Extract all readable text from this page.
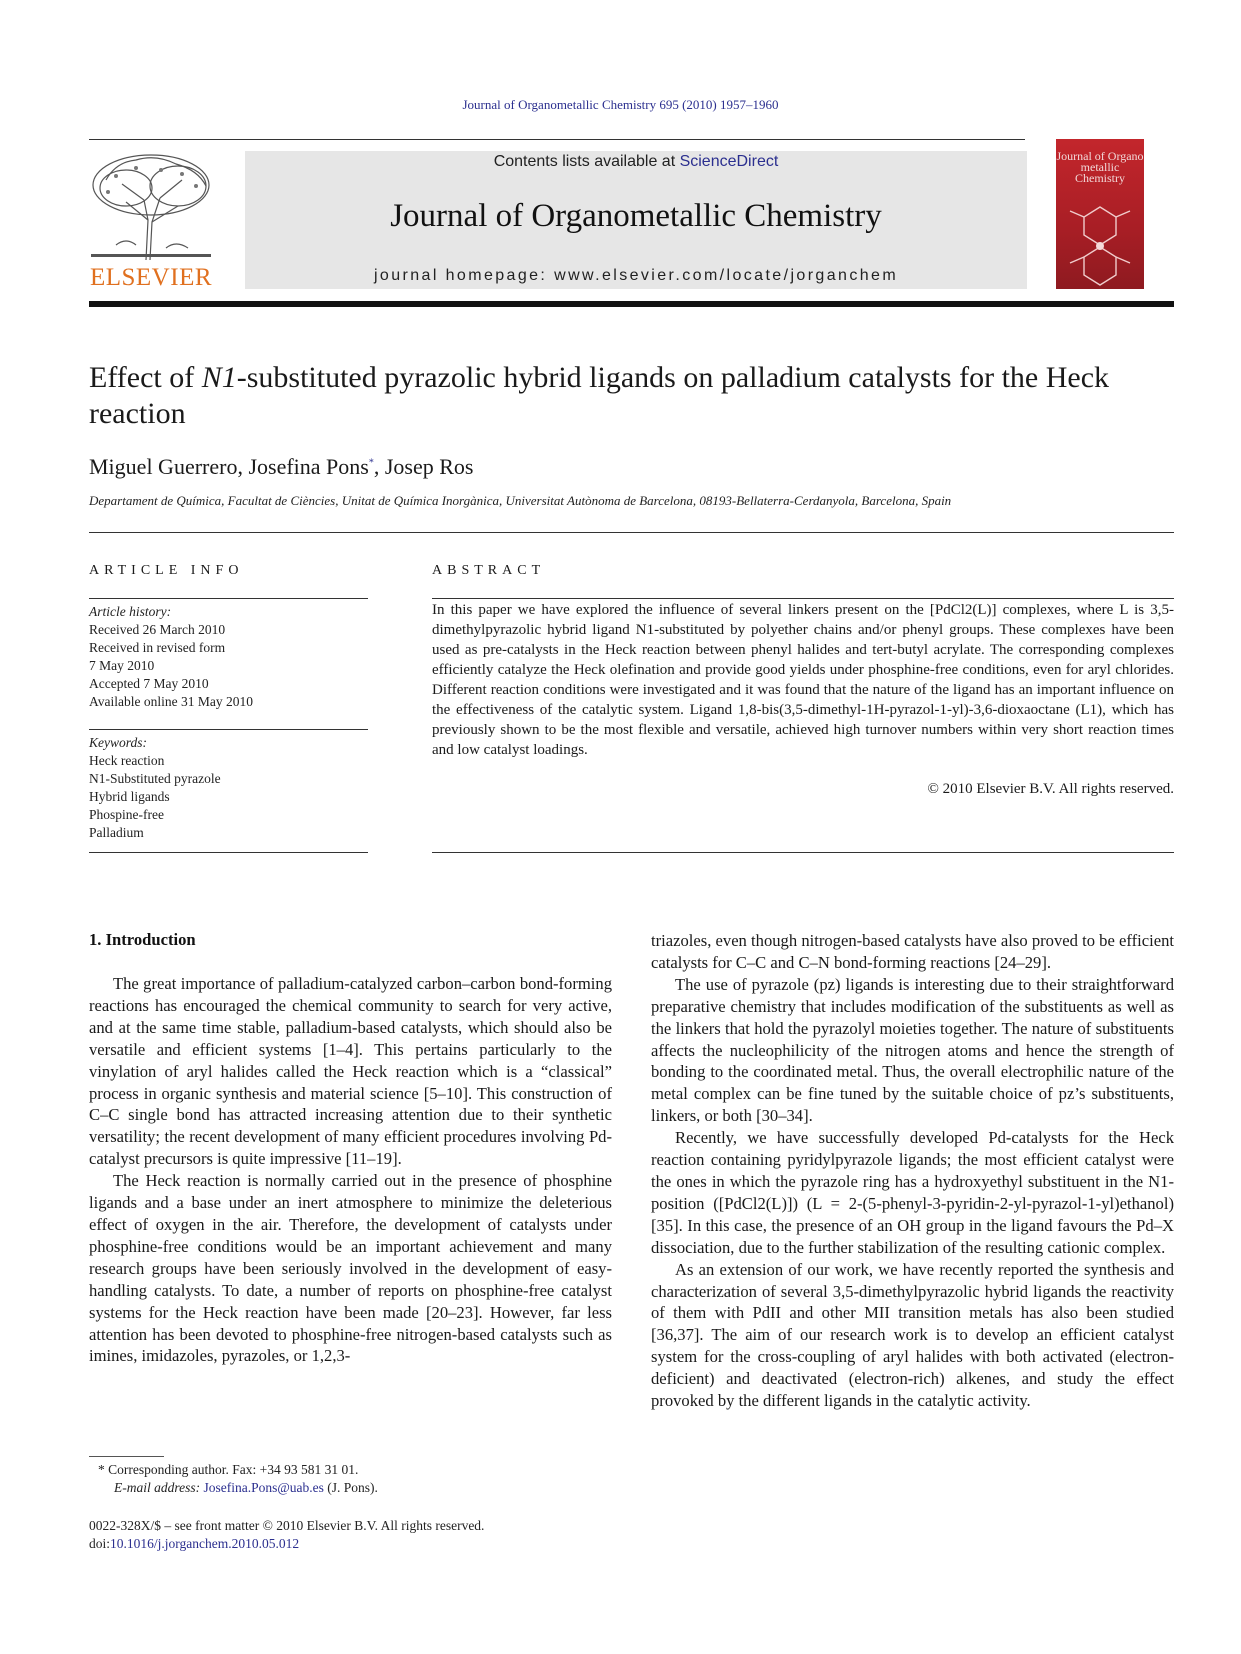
Journal of Organometallic Chemistry 695 (2010) 1957–1960
ELSEVIER
Contents lists available at ScienceDirect
Journal of Organometallic Chemistry
journal homepage: www.elsevier.com/locate/jorganchem
Journal of Organo metallic Chemistry
Effect of N1-substituted pyrazolic hybrid ligands on palladium catalysts for the Heck reaction
Miguel Guerrero, Josefina Pons*, Josep Ros
Departament de Química, Facultat de Ciències, Unitat de Química Inorgànica, Universitat Autònoma de Barcelona, 08193-Bellaterra-Cerdanyola, Barcelona, Spain
ARTICLE INFO
Article history:
Received 26 March 2010
Received in revised form
7 May 2010
Accepted 7 May 2010
Available online 31 May 2010
Keywords:
Heck reaction
N1-Substituted pyrazole
Hybrid ligands
Phospine-free
Palladium
ABSTRACT
In this paper we have explored the influence of several linkers present on the [PdCl2(L)] complexes, where L is 3,5-dimethylpyrazolic hybrid ligand N1-substituted by polyether chains and/or phenyl groups. These complexes have been used as pre-catalysts in the Heck reaction between phenyl halides and tert-butyl acrylate. The corresponding complexes efficiently catalyze the Heck olefination and provide good yields under phosphine-free conditions, even for aryl chlorides. Different reaction conditions were investigated and it was found that the nature of the ligand has an important influence on the effectiveness of the catalytic system. Ligand 1,8-bis(3,5-dimethyl-1H-pyrazol-1-yl)-3,6-dioxaoctane (L1), which has previously shown to be the most flexible and versatile, achieved high turnover numbers within very short reaction times and low catalyst loadings.
© 2010 Elsevier B.V. All rights reserved.
1. Introduction

The great importance of palladium-catalyzed carbon–carbon bond-forming reactions has encouraged the chemical community to search for very active, and at the same time stable, palladium-based catalysts, which should also be versatile and efficient systems [1–4]. This pertains particularly to the vinylation of aryl halides called the Heck reaction which is a “classical” process in organic synthesis and material science [5–10]. This construction of C–C single bond has attracted increasing attention due to their synthetic versatility; the recent development of many efficient procedures involving Pd-catalyst precursors is quite impressive [11–19].

The Heck reaction is normally carried out in the presence of phosphine ligands and a base under an inert atmosphere to minimize the deleterious effect of oxygen in the air. Therefore, the development of catalysts under phosphine-free conditions would be an important achievement and many research groups have been seriously involved in the development of easy-handling catalysts. To date, a number of reports on phosphine-free catalyst systems for the Heck reaction have been made [20–23]. However, far less attention has been devoted to phosphine-free nitrogen-based catalysts such as imines, imidazoles, pyrazoles, or 1,2,3-

triazoles, even though nitrogen-based catalysts have also proved to be efficient catalysts for C–C and C–N bond-forming reactions [24–29].

The use of pyrazole (pz) ligands is interesting due to their straightforward preparative chemistry that includes modification of the substituents as well as the linkers that hold the pyrazolyl moieties together. The nature of substituents affects the nucleophilicity of the nitrogen atoms and hence the strength of bonding to the coordinated metal. Thus, the overall electrophilic nature of the metal complex can be fine tuned by the suitable choice of pz’s substituents, linkers, or both [30–34].

Recently, we have successfully developed Pd-catalysts for the Heck reaction containing pyridylpyrazole ligands; the most efficient catalyst were the ones in which the pyrazole ring has a hydroxyethyl substituent in the N1-position ([PdCl2(L)]) (L = 2-(5-phenyl-3-pyridin-2-yl-pyrazol-1-yl)ethanol) [35]. In this case, the presence of an OH group in the ligand favours the Pd–X dissociation, due to the further stabilization of the resulting cationic complex.

As an extension of our work, we have recently reported the synthesis and characterization of several 3,5-dimethylpyrazolic hybrid ligands the reactivity of them with PdII and other MII transition metals has also been studied [36,37]. The aim of our research work is to develop an efficient catalyst system for the cross-coupling of aryl halides with both activated (electron-deficient) and deactivated (electron-rich) alkenes, and study the effect provoked by the different ligands in the catalytic activity.

* Corresponding author. Fax: +34 93 581 31 01.
E-mail address: Josefina.Pons@uab.es (J. Pons).
0022-328X/$ – see front matter © 2010 Elsevier B.V. All rights reserved.
doi:10.1016/j.jorganchem.2010.05.012
